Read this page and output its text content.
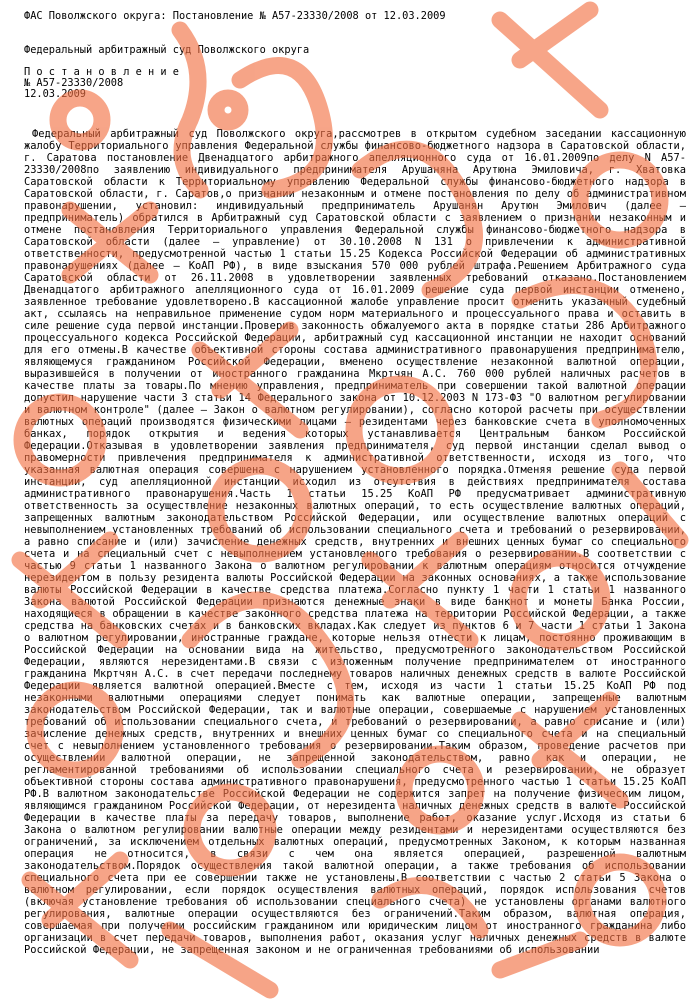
ФАС Поволжского округа: Постановление № А57-23330/2008 от 12.03.2009
Федеральный арбитражный суд Поволжского округа
П о с т а н о в л е н и е
№ А57-23330/2008
12.03.2009

Федеральный арбитражный суд Поволжского округа,рассмотрев в открытом судебном заседании кассационную жалобу Территориального управления Федеральной службы финансово-бюджетного надзора в Саратовской области, г. Саратова постановление Двенадцатого арбитражного апелляционного суда от 16.01.2009по делу N А57-23330/2008по заявлению индивидуального предпринимателя Арушаняна Арутюна Эмиловича, г. Хватовка Саратовской области к Территориальному управлению Федеральной службы финансово-бюджетного надзора в Саратовской области, г. Саратов,о признании незаконным и отмене постановления по делу об административном правонарушении, установил: индивидуальный предприниматель Арушанян Арутюн Эмилович (далее – предприниматель) обратился в Арбитражный суд Саратовской области с заявлением о признании незаконным и отмене постановления Территориального управления Федеральной службы финансово-бюджетного надзора в Саратовской области (далее – управление) от 30.10.2008 N 131 о привлечении к административной ответственности, предусмотренной частью 1 статьи 15.25 Кодекса Российской Федерации об административных правонарушениях (далее – КоАП РФ), в виде взыскания 570 000 рублей штрафа.Решением Арбитражного суда Саратовской области от 26.11.2008 в удовлетворении заявленных требований отказано.Постановлением Двенадцатого арбитражного апелляционного суда от 16.01.2009 решение суда первой инстанции отменено, заявленное требование удовлетворено.В кассационной жалобе управление просит отменить указанный судебный акт, ссылаясь на неправильное применение судом норм материального и процессуального права и оставить в силе решение суда первой инстанции.Проверив законность обжалуемого акта в порядке статьи 286 Арбитражного процессуального кодекса Российской Федерации, арбитражный суд кассационной инстанции не находит оснований для его отмены.В качестве объективной стороны состава административного правонарушения предпринимателю, являющемуся гражданином Российской Федерации, вменено осуществление незаконной валютной операции, выразившейся в получении от иностранного гражданина Мкртчян А.С. 760 000 рублей наличных расчетов в качестве платы за товары.По мнению управления, предприниматель при совершении такой валютной операции допустил нарушение части 3 статьи 14 Федерального закона от 10.12.2003 N 173-ФЗ "О валютном регулировании и валютном контроле" (далее – Закон о валютном регулировании), согласно которой расчеты при осуществлении валютных операций производятся физическими лицами – резидентами через банковские счета в уполномоченных банках, порядок открытия и ведения которых устанавливается Центральным банком Российской Федерации.Отказывая в удовлетворении заявления предпринимателя, суд первой инстанции сделал вывод о правомерности привлечения предпринимателя к административной ответственности, исходя из того, что указанная валютная операция совершена с нарушением установленного порядка.Отменяя решение суда первой инстанции, суд апелляционной инстанции исходил из отсутствия в действиях предпринимателя состава административного правонарушения.Часть 1 статьи 15.25 КоАП РФ предусматривает административную ответственность за осуществление незаконных валютных операций, то есть осуществление валютных операций, запрещенных валютным законодательством Российской Федерации, или осуществление валютных операций с невыполнением установленных требований об использовании специального счета и требований о резервировании, а равно списание и (или) зачисление денежных средств, внутренних и внешних ценных бумаг со специального счета и на специальный счет с невыполнением установленного требования о резервировании.В соответствии с частью 9 статьи 1 названного Закона о валютном регулировании к валютным операциям относится отчуждение нерезидентом в пользу резидента валюты Российской Федерации на законных основаниях, а также использование валюты Российской Федерации в качестве средства платежа.Согласно пункту 1 части 1 статьи 1 названного Закона валютой Российской Федерации признаются денежные знаки в виде банкнот и монеты Банка России, находящиеся в обращении в качестве законного средства платежа на территории Российской Федерации, а также средства на банковских счетах и в банковских вкладах.Как следует из пунктов 6 и 7 части 1 статьи 1 Закона о валютном регулировании, иностранные граждане, которые нельзя отнести к лицам, постоянно проживающим в Российской Федерации на основании вида на жительство, предусмотренного законодательством Российской Федерации, являются нерезидентами.В связи с изложенным получение предпринимателем от иностранного гражданина Мкртчян А.С. в счет передачи последнему товаров наличных денежных средств в валюте Российской Федерации является валютной операцией.Вместе с тем, исходя из части 1 статьи 15.25 КоАП РФ под незаконными валютными операциями следует понимать как валютные операции, запрещенные валютным законодательством Российской Федерации, так и валютные операции, совершаемые с нарушением установленных требований об использовании специального счета, и требований о резервировании, а равно списание и (или) зачисление денежных средств, внутренних и внешних ценных бумаг со специального счета и на специальный счет с невыполнением установленного требования о резервировании.Таким образом, проведение расчетов при осуществлении валютной операции, не запрещенной законодательством, равно как и операции, не регламентированной требованиями об использовании специального счета и резервировании, не образует объективной стороны состава административного правонарушения, предусмотренного частью 1 статьи 15.25 КоАП РФ.В валютном законодательстве Российской Федерации не содержится запрет на получение физическим лицом, являющимся гражданином Российской Федерации, от нерезидента наличных денежных средств в валюте Российской Федерации в качестве платы за передачу товаров, выполнение работ, оказание услуг.Исходя из статьи 6 Закона о валютном регулировании валютные операции между резидентами и нерезидентами осуществляются без ограничений, за исключением отдельных валютных операций, предусмотренных Законом, к которым названная операция не относится, в связи с чем она является операцией, разрешенной валютным законодательством.Порядок осуществления такой валютной операции, а также требования об использовании специального счета при ее совершении также не установлены.В соответствии с частью 2 статьи 5 Закона о валютном регулировании, если порядок осуществления валютных операций, порядок использования счетов (включая установление требования об использовании специального счета) не установлены органами валютного регулирования, валютные операции осуществляются без ограничений.Таким образом, валютная операция, совершаемая при получении российским гражданином или юридическим лицом от иностранного гражданина либо организации в счет передачи товаров, выполнения работ, оказания услуг наличных денежных средств в валюте Российской Федерации, не запрещенная законом и не ограниченная требованиями об использовании
